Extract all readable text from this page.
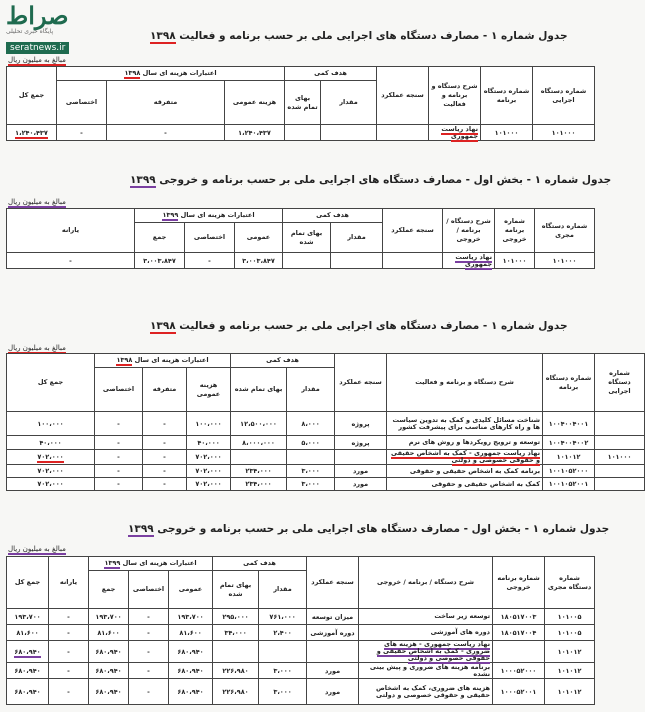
صراط
پایگاه خبری تحلیلی
seratnews.ir
جدول شماره ۱ - مصارف دستگاه های اجرایی ملی بر حسب برنامه و فعالیت ۱۳۹۸
مبالغ به میلیون ریال
شماره دستگاه اجرایی	شماره دستگاه برنامه	شرح دستگاه و برنامه و فعالیت	سنجه عملکرد	هدف کمی		اعتبارات هزینه ای سال ۱۳۹۸			جمع کل
				مقدار	بهای تمام شده	هزینه عمومی	متفرقه	اختصاصی	
۱۰۱۰۰۰	۱۰۱۰۰۰	نهاد ریاست جمهوری				۱،۲۴۰،۴۳۷	-	-	۱،۲۴۰،۴۳۷
جدول شماره ۱ - بخش اول - مصارف دستگاه های اجرایی ملی بر حسب برنامه و خروجی ۱۳۹۹
مبالغ به میلیون ریال
شماره دستگاه مجری	شماره برنامه خروجی	شرح دستگاه / برنامه / خروجی	سنجه عملکرد	هدف کمی		اعتبارات هزینه ای سال ۱۳۹۹			یارانه	
				مقدار	بهای تمام شده	عمومی	اختصاصی	جمع		
۱۰۱۰۰۰	۱۰۱۰۰۰	نهاد ریاست جمهوری				۳،۰۰۳،۸۴۷	-	۳،۰۰۳،۸۴۷	-	
جدول شماره ۱ - مصارف دستگاه های اجرایی ملی بر حسب برنامه و فعالیت ۱۳۹۸
مبالغ به میلیون ریال
شماره دستگاه اجرایی	شماره دستگاه برنامه	شرح دستگاه و برنامه و فعالیت	سنجه عملکرد	هدف کمی		اعتبارات هزینه ای سال ۱۳۹۸			جمع کل
				مقدار	بهای تمام شده	هزینه عمومی	متفرقه	اختصاصی	
	۱۰۰۴۰۰۴۰۰۱	شناخت مسائل کلیدی و کمک به تدوین سیاست ها و راه کارهای مناسب برای پیشرفت کشور	پروژه	۸،۰۰۰	۱۲،۵۰۰،۰۰۰	۱۰۰،۰۰۰	-	-	۱۰۰،۰۰۰
	۱۰۰۴۰۰۴۰۰۲	توسعه و ترویج رویکردها و روش های نرم	پروژه	۵،۰۰۰	۸،۰۰۰،۰۰۰	۴۰،۰۰۰	-	-	۴۰،۰۰۰
۱۰۱۰۰۰	۱۰۱۰۱۲	نهاد ریاست جمهوری - کمک به اشخاص حقیقی و حقوقی خصوصی و دولتی				۷۰۲،۰۰۰	-	-	۷۰۲،۰۰۰
	۱۰۰۱۰۵۲۰۰۰	برنامه کمک به اشخاص حقیقی و حقوقی	مورد	۳،۰۰۰	۲۳۴،۰۰۰	۷۰۲،۰۰۰	-	-	۷۰۲،۰۰۰
	۱۰۰۱۰۵۲۰۰۱	کمک به اشخاص حقیقی و حقوقی	مورد	۳،۰۰۰	۲۳۴،۰۰۰	۷۰۲،۰۰۰	-	-	۷۰۲،۰۰۰
جدول شماره ۱ - بخش اول - مصارف دستگاه های اجرایی ملی بر حسب برنامه و خروجی ۱۳۹۹
مبالغ به میلیون ریال
شماره دستگاه مجری	شماره برنامه خروجی	شرح دستگاه / برنامه / خروجی	سنجه عملکرد	هدف کمی		اعتبارات هزینه ای سال ۱۳۹۹			یارانه	جمع کل
				مقدار	بهای تمام شده	عمومی	اختصاصی	جمع		
۱۰۱۰۰۵	۱۸۰۵۱۷۰۰۳	توسعه زیر ساخت	میزان توسعه	۷۶۱،۰۰۰	۲۹۵،۰۰۰	۱۹۳،۷۰۰	-	۱۹۳،۷۰۰	-	۱۹۳،۷۰۰
۱۰۱۰۰۵	۱۸۰۵۱۷۰۰۴	دوره های آموزشی	دوره آموزشی	۲،۴۰۰	۳۴،۰۰۰	۸۱،۶۰۰	-	۸۱،۶۰۰	-	۸۱،۶۰۰
۱۰۱۰۱۲		نهاد ریاست جمهوری - هزینه های ضروری - کمک به اشخاص حقیقی و حقوقی خصوصی و دولتی				۶۸۰،۹۴۰	-	۶۸۰،۹۴۰	-	۶۸۰،۹۴۰
۱۰۱۰۱۲	۱۰۰۰۵۲۰۰۰	برنامه هزینه های ضروری و پیش بینی نشده	مورد	۳،۰۰۰	۲۲۶،۹۸۰	۶۸۰،۹۴۰	-	۶۸۰،۹۴۰	-	۶۸۰،۹۴۰
۱۰۱۰۱۲	۱۰۰۰۵۲۰۰۱	هزینه های ضروری، کمک به اشخاص حقیقی و حقوقی خصوصی و دولتی	مورد	۳،۰۰۰	۲۲۶،۹۸۰	۶۸۰،۹۴۰	-	۶۸۰،۹۴۰	-	۶۸۰،۹۴۰
